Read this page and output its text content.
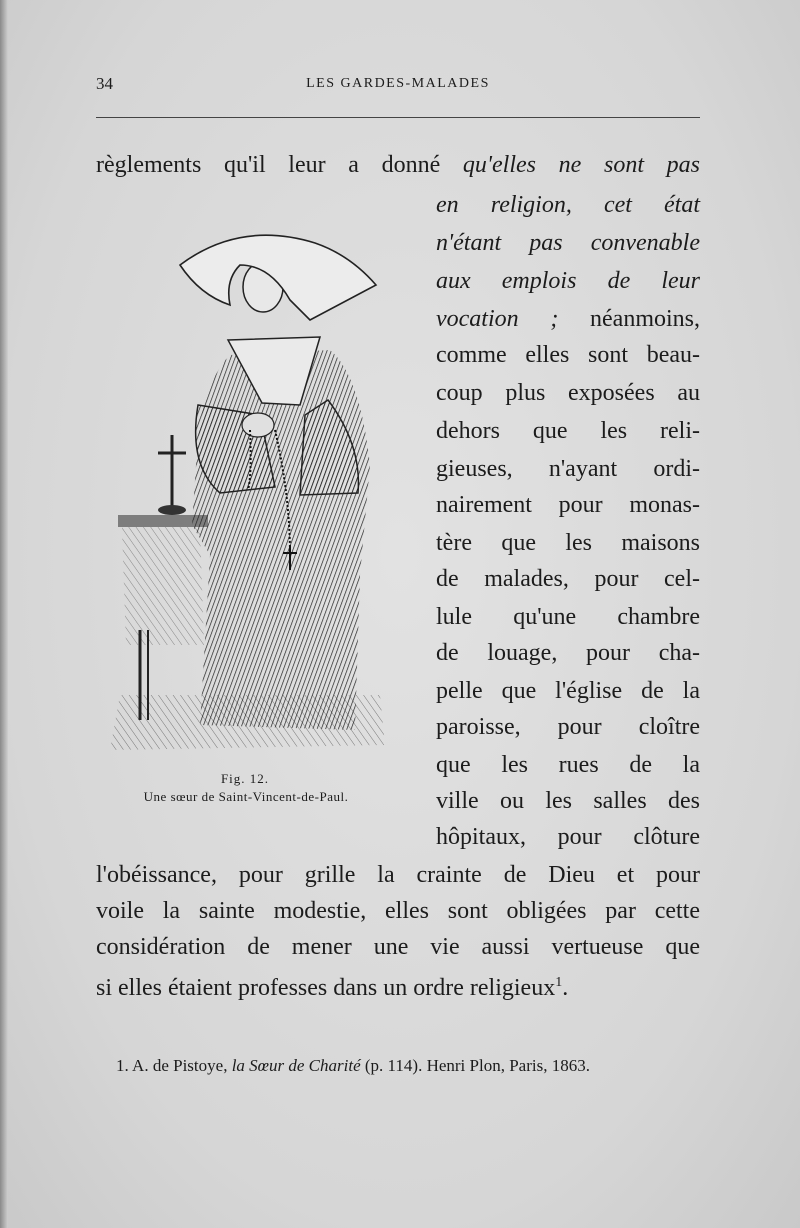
34	LES GARDES-MALADES
règlements qu'il leur a donné qu'elles ne sont pas
en religion, cet état
n'étant pas convenable
aux emplois de leur
vocation ; néanmoins,
comme elles sont beau-
coup plus exposées au
dehors que les reli-
gieuses, n'ayant ordi-
nairement pour monas-
tère que les maisons
de malades, pour cel-
lule qu'une chambre
de louage, pour cha-
pelle que l'église de la
paroisse, pour cloître
que les rues de la
ville ou les salles des
hôpitaux, pour clôture
l'obéissance, pour grille la crainte de Dieu et pour
voile la sainte modestie, elles sont obligées par cette
considération de mener une vie aussi vertueuse que
si elles étaient professes dans un ordre religieux$^1$.
Fig. 12.
Une sœur de Saint-Vincent-de-Paul.
1. A. de Pistoye, la Sœur de Charité (p. 114). Henri Plon, Paris, 1863.
